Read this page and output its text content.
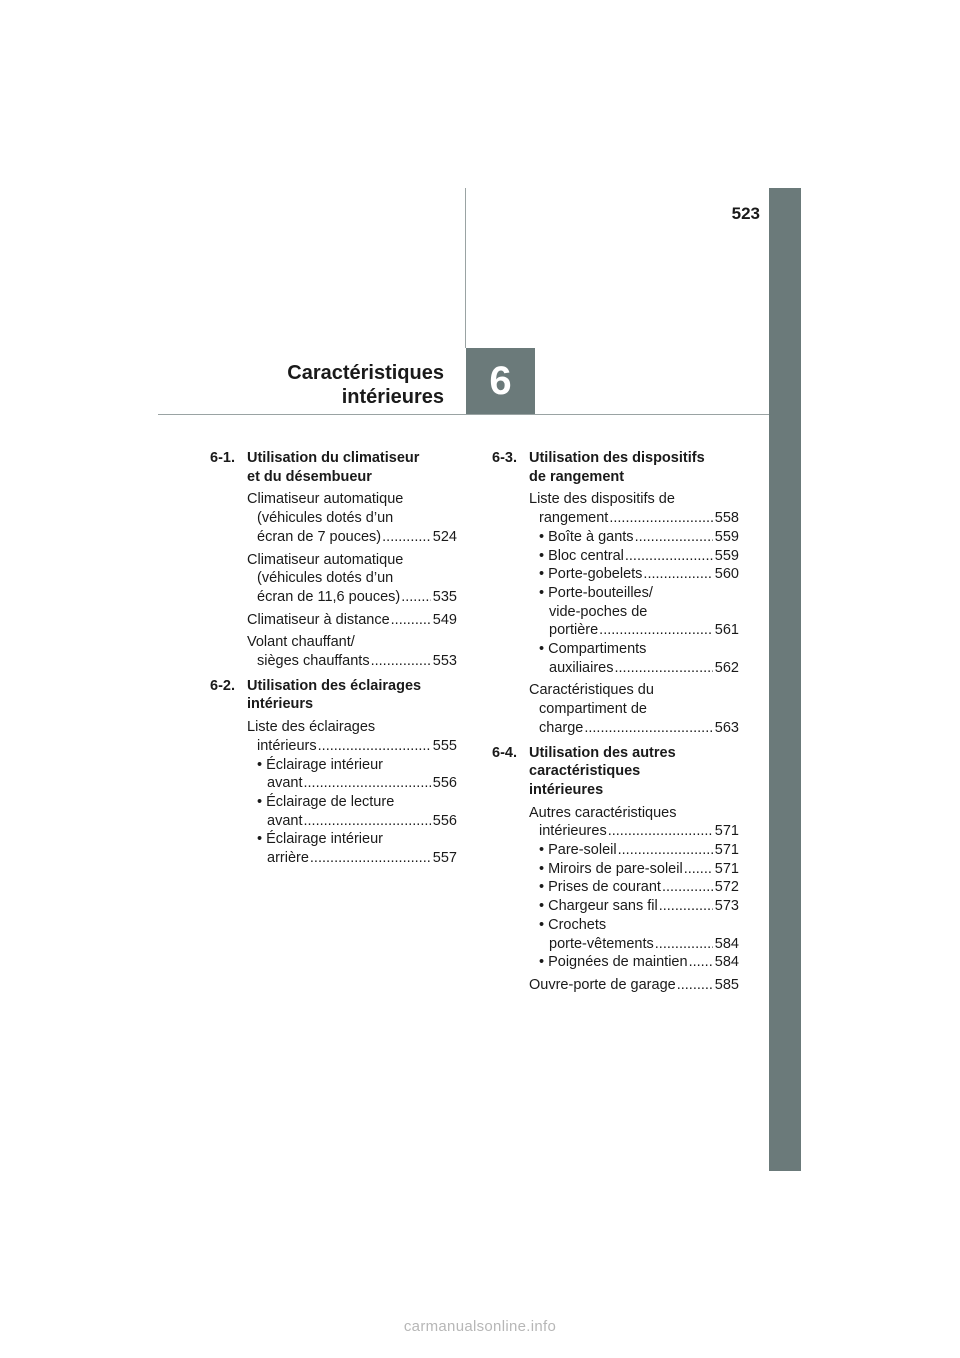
523
6
Caractéristiques
intérieures
6-1. Utilisation du climatiseur
et du désembueur
Climatiseur automatique
(véhicules dotés d’un
écran de 7 pouces) .....	524
Climatiseur automatique
(véhicules dotés d’un
écran de 11,6 pouces) ..... 535
Climatiseur à distance .....	549
Volant chauffant/
sièges chauffants .....	553
6-2. Utilisation des éclairages
intérieurs
Liste des éclairages
intérieurs .....	555
• Éclairage intérieur
avant .....	556
• Éclairage de lecture
avant .....	556
• Éclairage intérieur
arrière .....	557
6-3. Utilisation des dispositifs
de rangement
Liste des dispositifs de
rangement .....	558
• Boîte à gants .....	559
• Bloc central .....	559
• Porte-gobelets .....	560
• Porte-bouteilles/
vide-poches de
portière .....	561
• Compartiments
auxiliaires .....	562
Caractéristiques du
compartiment de
charge .....	563
6-4. Utilisation des autres
caractéristiques
intérieures
Autres caractéristiques
intérieures .....	571
• Pare-soleil .....	571
• Miroirs de pare-soleil ..... 571
• Prises de courant .....	572
• Chargeur sans fil .....	573
• Crochets
porte-vêtements .....	584
• Poignées de maintien ..... 584
Ouvre-porte de garage .....	585
carmanualsonline.info
